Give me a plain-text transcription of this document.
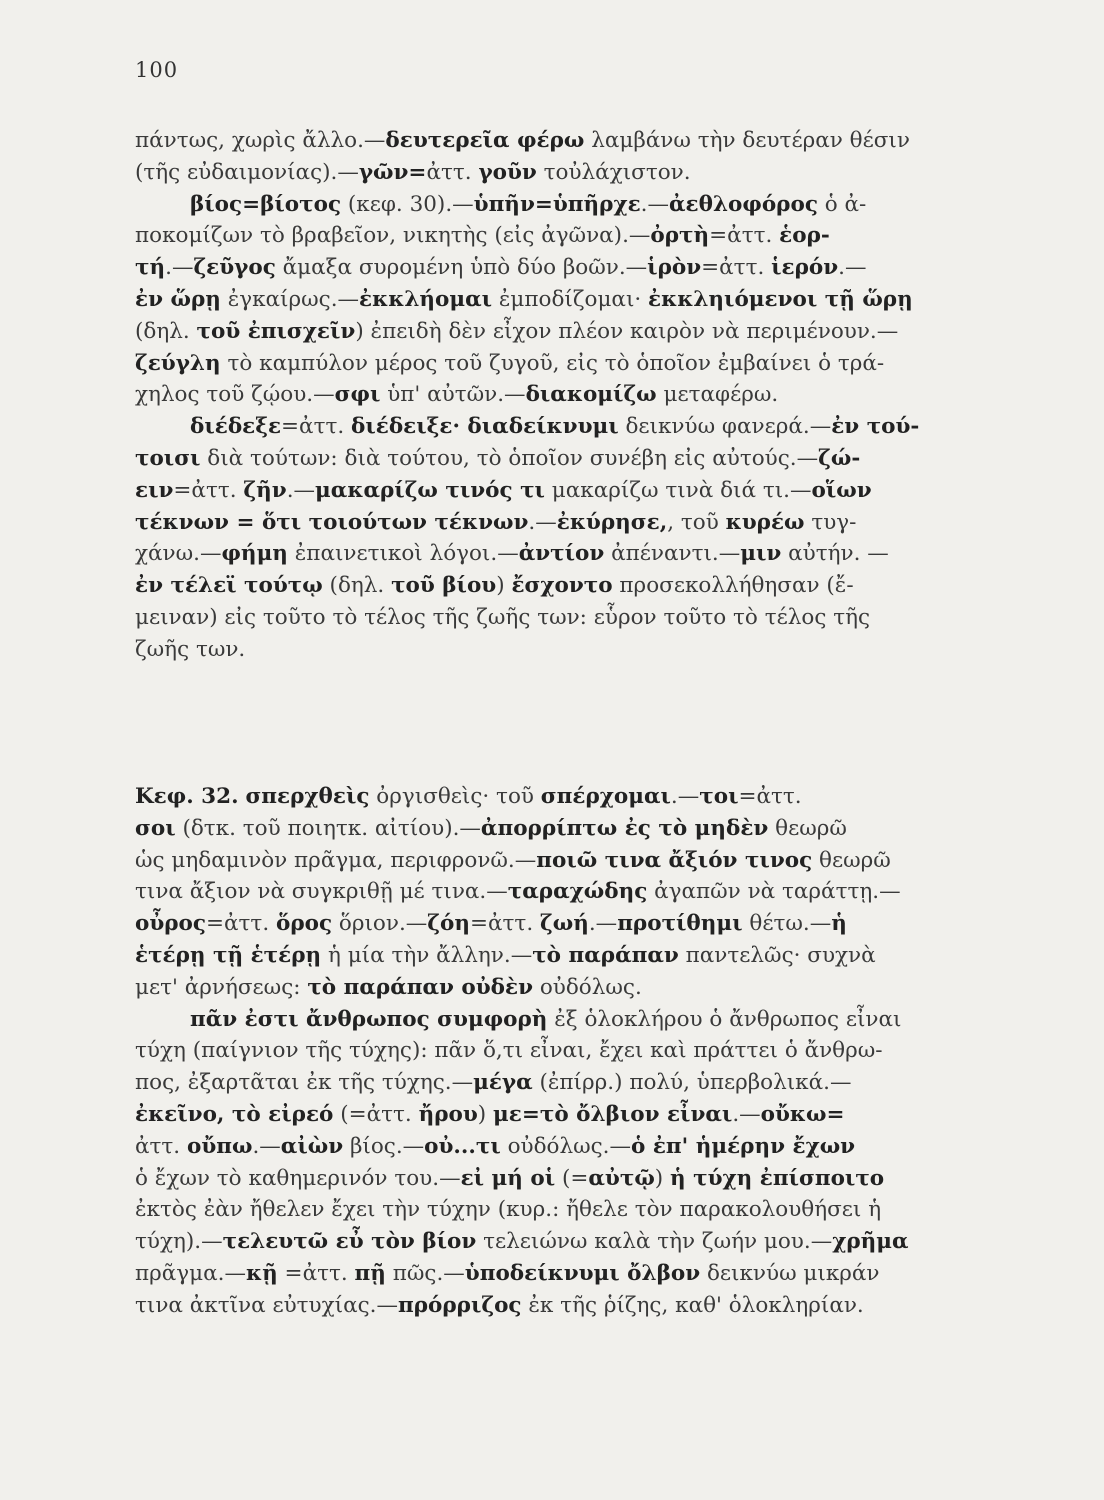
100
πάντως, χωρὶς ἄλλο.—δευτερεῖα φέρω λαμβάνω τὴν δευτέραν θέσιν
(τῆς εὐδαιμονίας).—γῶν=ἀττ. γοῦν τοὐλάχιστον.
βίος=βίοτος (κεφ. 30).—ὑπῆν=ὑπῆρχε.—ἀεθλοφόρος ὁ ἀ-
ποκομίζων τὸ βραβεῖον, νικητὴς (εἰς ἀγῶνα).—ὀρτὴ=ἀττ. ἑορ-
τή.—ζεῦγος ἄμαξα συρομένη ὑπὸ δύο βοῶν.—ἱρὸν=ἀττ. ἱερόν.—
ἐν ὥρῃ ἐγκαίρως.—ἐκκλήομαι ἐμποδίζομαι· ἐκκληιόμενοι τῇ ὥρῃ
(δηλ. τοῦ ἐπισχεῖν) ἐπειδὴ δὲν εἶχον πλέον καιρὸν νὰ περιμένουν.—
ζεύγλη τὸ καμπύλον μέρος τοῦ ζυγοῦ, εἰς τὸ ὁποῖον ἐμβαίνει ὁ τρά-
χηλος τοῦ ζῴου.—σφι ὑπ' αὐτῶν.—διακομίζω μεταφέρω.
διέδεξε=ἀττ. διέδειξε· διαδείκνυμι δεικνύω φανερά.—ἐν τού-
τοισι διὰ τούτων: διὰ τούτου, τὸ ὁποῖον συνέβη εἰς αὐτούς.—ζώ-
ειν=ἀττ. ζῆν.—μακαρίζω τινός τι μακαρίζω τινὰ διά τι.—οἵων
τέκνων = ὅτι τοιούτων τέκνων.—ἐκύρησε,, τοῦ κυρέω τυγ-
χάνω.—φήμη ἐπαινετικοὶ λόγοι.—ἀντίον ἀπέναντι.—μιν αὐτήν. —
ἐν τέλεϊ τούτῳ (δηλ. τοῦ βίου) ἔσχοντο προσεκολλήθησαν (ἔ-
μειναν) εἰς τοῦτο τὸ τέλος τῆς ζωῆς των: εὗρον τοῦτο τὸ τέλος τῆς
ζωῆς των.
Κεφ. 32. σπερχθεὶς ὀργισθεὶς· τοῦ σπέρχομαι.—τοι=ἀττ.
σοι (δτκ. τοῦ ποιητκ. αἰτίου).—ἀπορρίπτω ἐς τὸ μηδὲν θεωρῶ
ὡς μηδαμινὸν πρᾶγμα, περιφρονῶ.—ποιῶ τινα ἄξιόν τινος θεωρῶ
τινα ἄξιον νὰ συγκριθῇ μέ τινα.—ταραχώδης ἀγαπῶν νὰ ταράττῃ.—
οὖρος=ἀττ. ὅρος ὅριον.—ζόη=ἀττ. ζωή.—προτίθημι θέτω.—ἡ
ἑτέρῃ τῇ ἑτέρῃ ἡ μία τὴν ἄλλην.—τὸ παράπαν παντελῶς· συχνὰ
μετ' ἀρνήσεως: τὸ παράπαν οὐδὲν οὐδόλως.
πᾶν ἐστι ἄνθρωπος συμφορὴ ἐξ ὁλοκλήρου ὁ ἄνθρωπος εἶναι
τύχη (παίγνιον τῆς τύχης): πᾶν ὅ,τι εἶναι, ἔχει καὶ πράττει ὁ ἄνθρω-
πος, ἐξαρτᾶται ἐκ τῆς τύχης.—μέγα (ἐπίρρ.) πολύ, ὑπερβολικά.—
ἐκεῖνο, τὸ εἰρεό (=ἀττ. ἤρου) με=τὸ ὄλβιον εἶναι.—οὔκω=
ἀττ. οὔπω.—αἰὼν βίος.—οὐ...τι οὐδόλως.—ὁ ἐπ' ἡμέρην ἔχων
ὁ ἔχων τὸ καθημερινόν του.—εἰ μή οἱ (=αὐτῷ) ἡ τύχη ἐπίσποιτο
ἐκτὸς ἐὰν ἤθελεν ἔχει τὴν τύχην (κυρ.: ἤθελε τὸν παρακολουθήσει ἡ
τύχη).—τελευτῶ εὖ τὸν βίον τελειώνω καλὰ τὴν ζωήν μου.—χρῆμα
πρᾶγμα.—κῇ =ἀττ. πῇ πῶς.—ὑποδείκνυμι ὄλβον δεικνύω μικράν
τινα ἀκτῖνα εὐτυχίας.—πρόρριζος ἐκ τῆς ῥίζης, καθ' ὁλοκληρίαν.
